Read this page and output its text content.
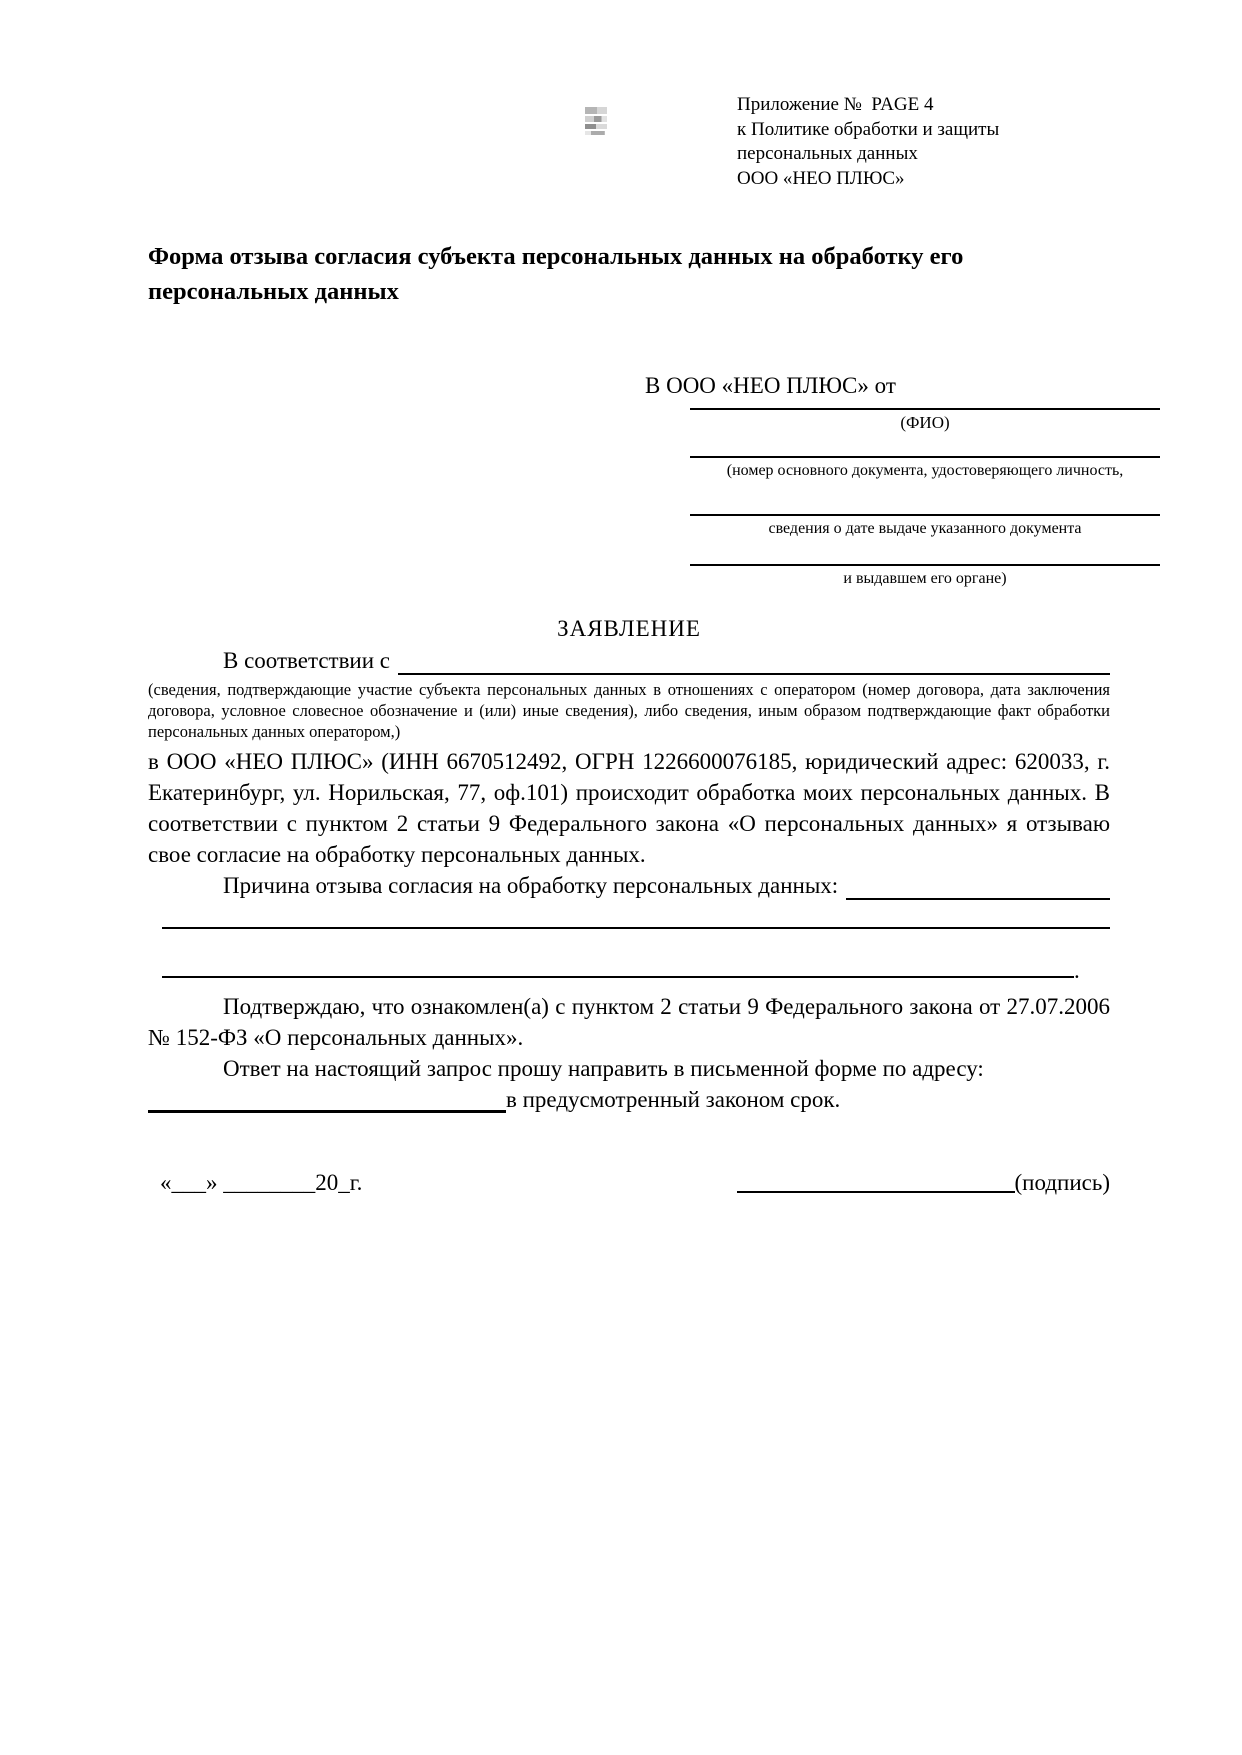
Приложение №  PAGE 4
к Политике обработки и защиты
персональных данных
ООО «НЕО ПЛЮС»
Форма отзыва согласия субъекта персональных данных на обработку его персональных данных
В ООО «НЕО ПЛЮС» от
(ФИО)
(номер основного документа, удостоверяющего личность,
сведения о дате выдаче указанного документа
и выдавшем его органе)
ЗАЯВЛЕНИЕ
В соответствии с
(сведения, подтверждающие участие субъекта персональных данных в отношениях с оператором (номер договора, дата заключения договора, условное словесное обозначение и (или) иные сведения), либо сведения, иным образом подтверждающие факт обработки персональных данных оператором,)
в ООО «НЕО ПЛЮС» (ИНН 6670512492, ОГРН 1226600076185, юридический адрес: 620033, г. Екатеринбург, ул. Норильская, 77, оф.101) происходит обработка моих персональных данных. В соответствии с пунктом 2 статьи 9 Федерального закона «О персональных данных» я отзываю свое согласие на обработку персональных данных.
Причина отзыва согласия на обработку персональных данных:
.

Подтверждаю, что ознакомлен(а) с пунктом 2 статьи 9 Федерального закона от 27.07.2006 № 152-ФЗ «О персональных данных».

Ответ на настоящий запрос прошу направить в письменной форме по адресу:

в предусмотренный законом срок.
«___» ________20_г.	(подпись)
